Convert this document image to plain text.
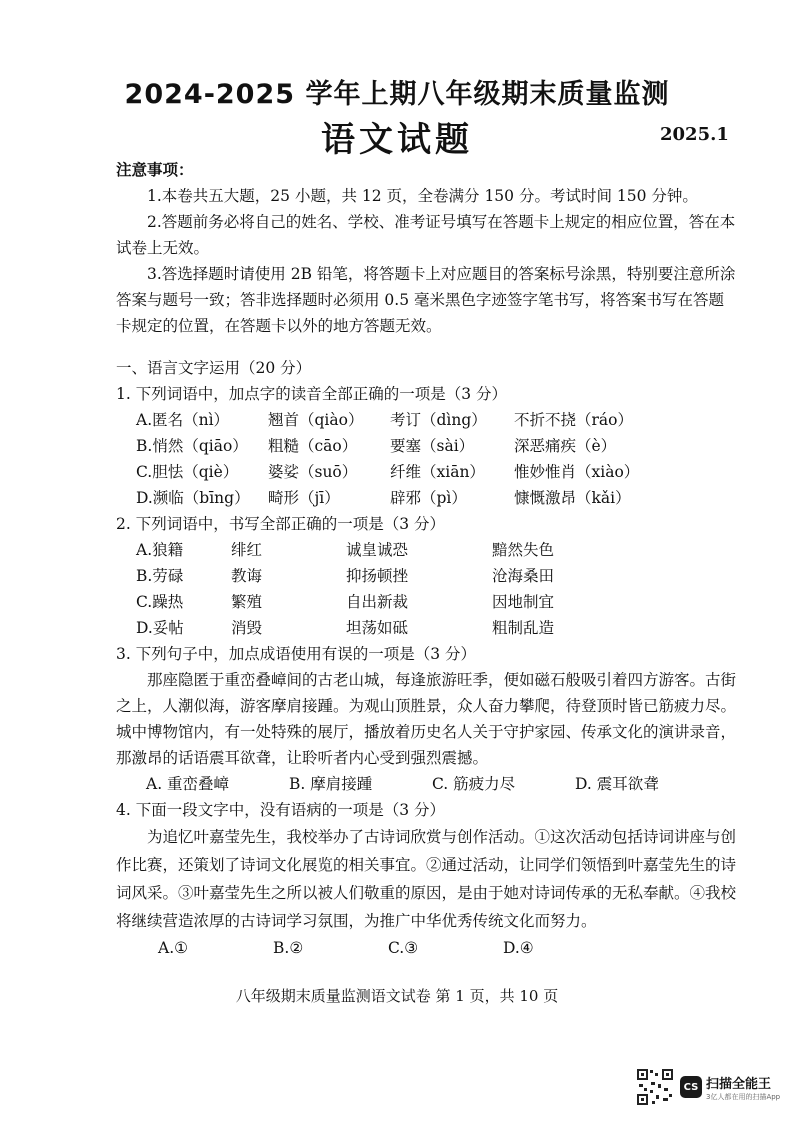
2024-2025 学年上期八年级期末质量监测
语文试题	2025.1
注意事项：

1.本卷共五大题，25 小题，共 12 页，全卷满分 150 分。考试时间 150 分钟。

2.答题前务必将自己的姓名、学校、准考证号填写在答题卡上规定的相应位置，答在本试卷上无效。

3.答选择题时请使用 2B 铅笔，将答题卡上对应题目的答案标号涂黑，特别要注意所涂答案与题号一致；答非选择题时必须用 0.5 毫米黑色字迹签字笔书写，将答案书写在答题卡规定的位置，在答题卡以外的地方答题无效。

一、语言文字运用（20 分）

1. 下列词语中，加点字的读音全部正确的一项是（3 分）

A.匿名（nì）	翘首（qiào）	考订（dìng）	不折不挠（ráo）
B.悄然（qiāo）	粗糙（cāo）	要塞（sài）	深恶痛疾（è）
C.胆怯（qiè）	婆娑（suō）	纤维（xiān）	惟妙惟肖（xiào）
D.濒临（bīng）	畸形（jī）	辟邪（pì）	慷慨激昂（kǎi）

2. 下列词语中，书写全部正确的一项是（3 分）

A.狼籍	绯红	诚皇诚恐	黯然失色
B.劳碌	教诲	抑扬顿挫	沧海桑田
C.躁热	繁殖	自出新裁	因地制宜
D.妥帖	消毁	坦荡如砥	粗制乱造

3. 下列句子中，加点成语使用有误的一项是（3 分）

那座隐匿于重峦叠嶂间的古老山城，每逢旅游旺季，便如磁石般吸引着四方游客。古街之上，人潮似海，游客摩肩接踵。为观山顶胜景，众人奋力攀爬，待登顶时皆已筋疲力尽。城中博物馆内，有一处特殊的展厅，播放着历史名人关于守护家园、传承文化的演讲录音，那激昂的话语震耳欲聋，让聆听者内心受到强烈震撼。

A. 重峦叠嶂	B. 摩肩接踵	C. 筋疲力尽	D. 震耳欲聋

4. 下面一段文字中，没有语病的一项是（3 分）

为追忆叶嘉莹先生，我校举办了古诗词欣赏与创作活动。①这次活动包括诗词讲座与创作比赛，还策划了诗词文化展览的相关事宜。②通过活动，让同学们领悟到叶嘉莹先生的诗词风采。③叶嘉莹先生之所以被人们敬重的原因，是由于她对诗词传承的无私奉献。④我校将继续营造浓厚的古诗词学习氛围，为推广中华优秀传统文化而努力。

A.①	B.②	C.③	D.④
八年级期末质量监测语文试卷 第 1 页，共 10 页
CS 扫描全能王
3亿人都在用的扫描App
